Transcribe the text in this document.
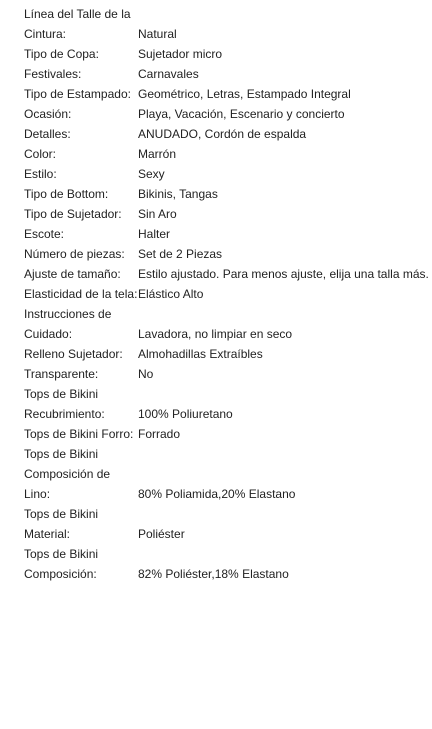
Línea del Talle de la Cintura:	Natural
Tipo de Copa:	Sujetador micro
Festivales:	Carnavales
Tipo de Estampado: Geométrico, Letras, Estampado Integral
Ocasión:	Playa, Vacación, Escenario y concierto
Detalles:	ANUDADO, Cordón de espalda
Color:	Marrón
Estilo:	Sexy
Tipo de Bottom:	Bikinis, Tangas
Tipo de Sujetador:	Sin Aro
Escote:	Halter
Número de piezas:	Set de 2 Piezas
Ajuste de tamaño:	Estilo ajustado. Para menos ajuste, elija una talla más.
Elasticidad de la tela: Elástico Alto
Instrucciones de Cuidado:	Lavadora, no limpiar en seco
Relleno Sujetador:	Almohadillas Extraíbles
Transparente:	No
Tops de Bikini Recubrimiento:	100% Poliuretano
Tops de Bikini Forro: Forrado
Tops de Bikini Composición de Lino:	80% Poliamida,20% Elastano
Tops de Bikini Material:	Poliéster
Tops de Bikini Composición:	82% Poliéster,18% Elastano
